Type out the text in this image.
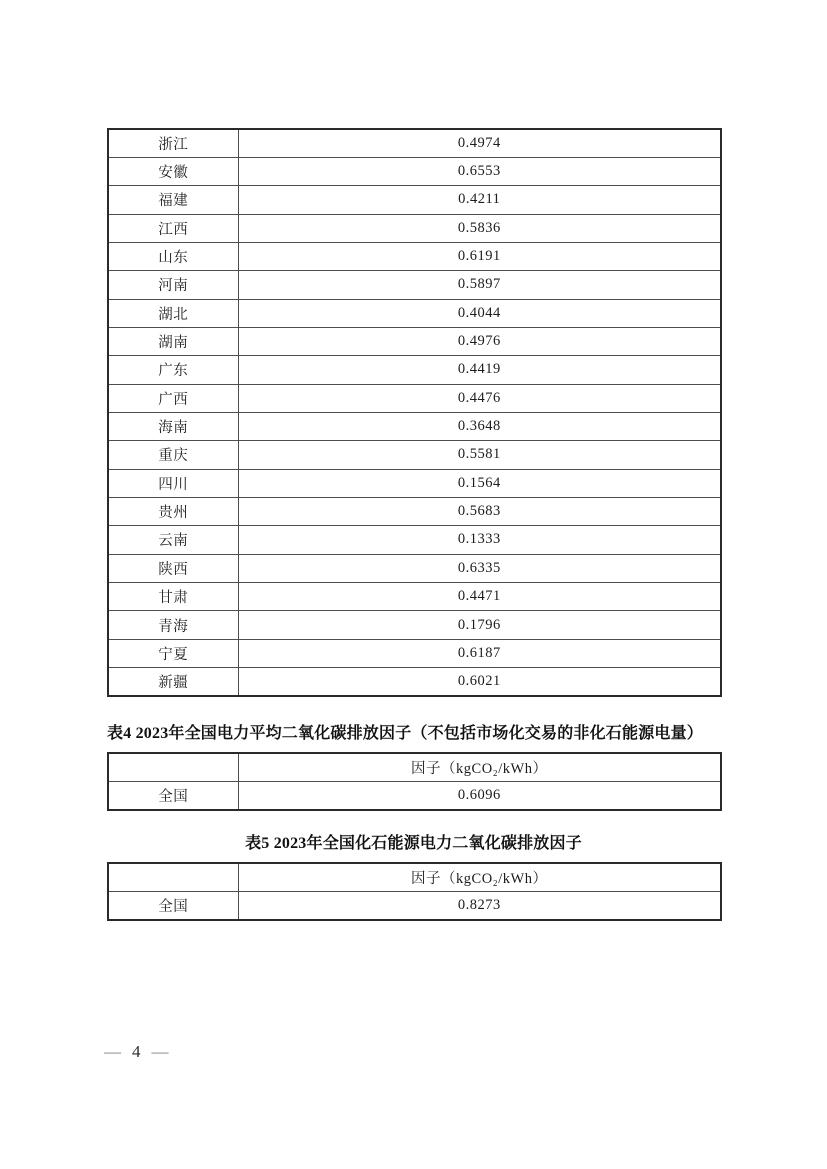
浙江	0.4974
安徽	0.6553
福建	0.4211
江西	0.5836
山东	0.6191
河南	0.5897
湖北	0.4044
湖南	0.4976
广东	0.4419
广西	0.4476
海南	0.3648
重庆	0.5581
四川	0.1564
贵州	0.5683
云南	0.1333
陕西	0.6335
甘肃	0.4471
青海	0.1796
宁夏	0.6187
新疆	0.6021
表4 2023年全国电力平均二氧化碳排放因子（不包括市场化交易的非化石能源电量）
	因子（kgCO₂/kWh）
全国	0.6096
表5 2023年全国化石能源电力二氧化碳排放因子
	因子（kgCO₂/kWh）
全国	0.8273
— 4 —
